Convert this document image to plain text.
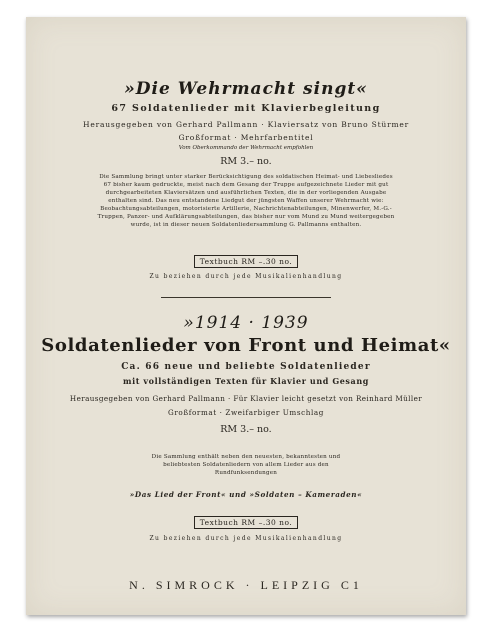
»Die Wehrmacht singt«
67 Soldatenlieder mit Klavierbegleitung
Herausgegeben von Gerhard Pallmann · Klaviersatz von Bruno Stürmer
Großformat · Mehrfarbentitel
Vom Oberkommando der Wehrmacht empfohlen
RM 3.– no.
Die Sammlung bringt unter starker Berücksichtigung des soldatischen Heimat- und Liebesliedes 67 bisher kaum gedruckte, meist nach dem Gesang der Truppe aufgezeichnete Lieder mit gut durchgearbeiteten Klaviersätzen und ausführlichen Texten, die in der vorliegenden Ausgabe enthalten sind. Das neu entstandene Liedgut der jüngsten Waffen unserer Wehrmacht wie: Beobachtungsabteilungen, motorisierte Artillerie, Nachrichtenabteilungen, Minenwerfer, M.-G.-Truppen, Panzer- und Aufklärungsabteilungen, das bisher nur vom Mund zu Mund weitergegeben wurde, ist in dieser neuen Soldatenliedersammlung G. Pallmanns enthalten.
Textbuch RM –.30 no.
Zu beziehen durch jede Musikalienhandlung
»1914 · 1939
Soldatenlieder von Front und Heimat«
Ca. 66 neue und beliebte Soldatenlieder
mit vollständigen Texten für Klavier und Gesang
Herausgegeben von Gerhard Pallmann · Für Klavier leicht gesetzt von Reinhard Müller
Großformat · Zweifarbiger Umschlag
RM 3.– no.
Die Sammlung enthält neben den neuesten, bekanntesten und beliebtesten Soldatenliedern von allem Lieder aus den Rundfunksendungen
»Das Lied der Front« und »Soldaten – Kameraden«
Textbuch RM –.30 no.
Zu beziehen durch jede Musikalienhandlung
N. SIMROCK · LEIPZIG C1
